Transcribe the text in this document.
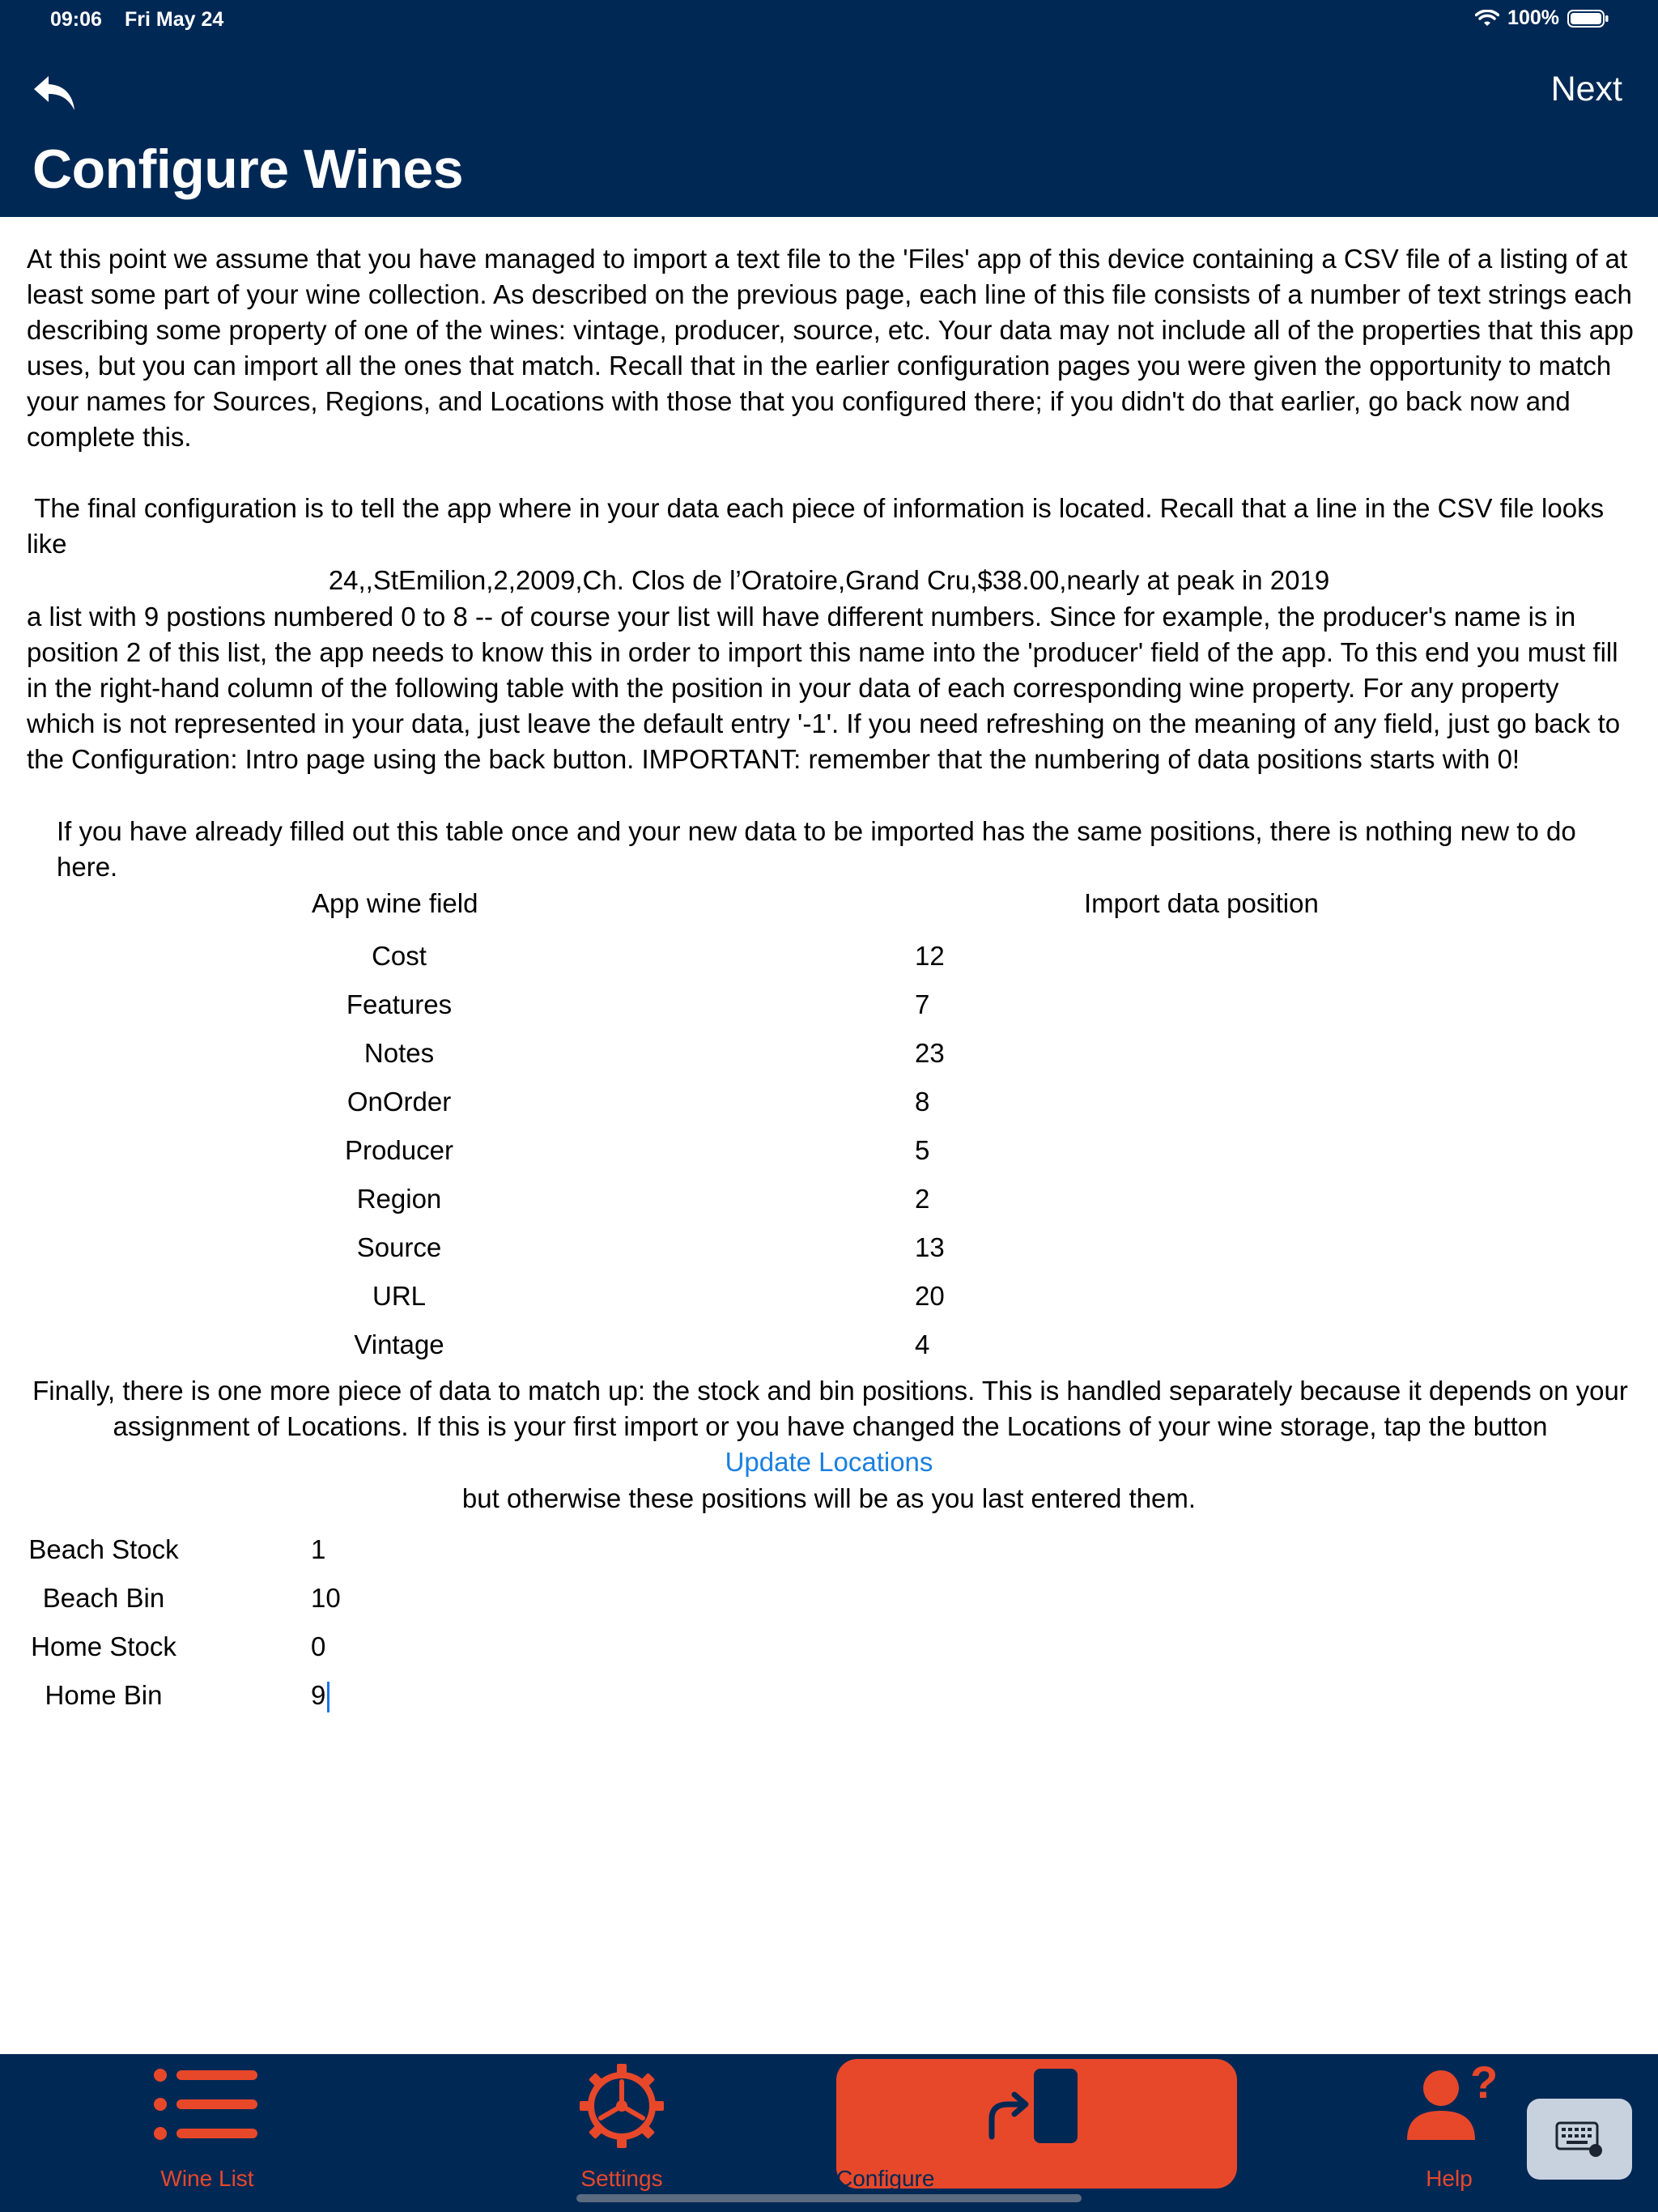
09:06 Fri May 24	100%
Next
Configure Wines

At this point we assume that you have managed to import a text file to the 'Files' app of this device containing a CSV file of a listing of at least some part of your wine collection. As described on the previous page, each line of this file consists of a number of text strings each describing some property of one of the wines: vintage, producer, source, etc. Your data may not include all of the properties that this app uses, but you can import all the ones that match. Recall that in the earlier configuration pages you were given the opportunity to match your names for Sources, Regions, and Locations with those that you configured there; if you didn't do that earlier, go back now and complete this.

The final configuration is to tell the app where in your data each piece of information is located. Recall that a line in the CSV file looks like

24,,StEmilion,2,2009,Ch. Clos de l’Oratoire,Grand Cru,$38.00,nearly at peak in 2019

a list with 9 postions numbered 0 to 8 -- of course your list will have different numbers. Since for example, the producer's name is in position 2 of this list, the app needs to know this in order to import this name into the 'producer' field of the app. To this end you must fill in the right-hand column of the following table with the position in your data of each corresponding wine property. For any property which is not represented in your data, just leave the default entry '-1'. If you need refreshing on the meaning of any field, just go back to the Configuration: Intro page using the back button. IMPORTANT: remember that the numbering of data positions starts with 0!

If you have already filled out this table once and your new data to be imported has the same positions, there is nothing new to do here.

App wine field	Import data position
Cost	12
Features	7
Notes	23
OnOrder	8
Producer	5
Region	2
Source	13
URL	20
Vintage	4

Finally, there is one more piece of data to match up: the stock and bin positions. This is handled separately because it depends on your assignment of Locations. If this is your first import or you have changed the Locations of your wine storage, tap the button

Update Locations
but otherwise these positions will be as you last entered them.
Beach Stock	1
Beach Bin	10
Home Stock	0
Home Bin	9
Wine List	Settings	Configure
?
Help
